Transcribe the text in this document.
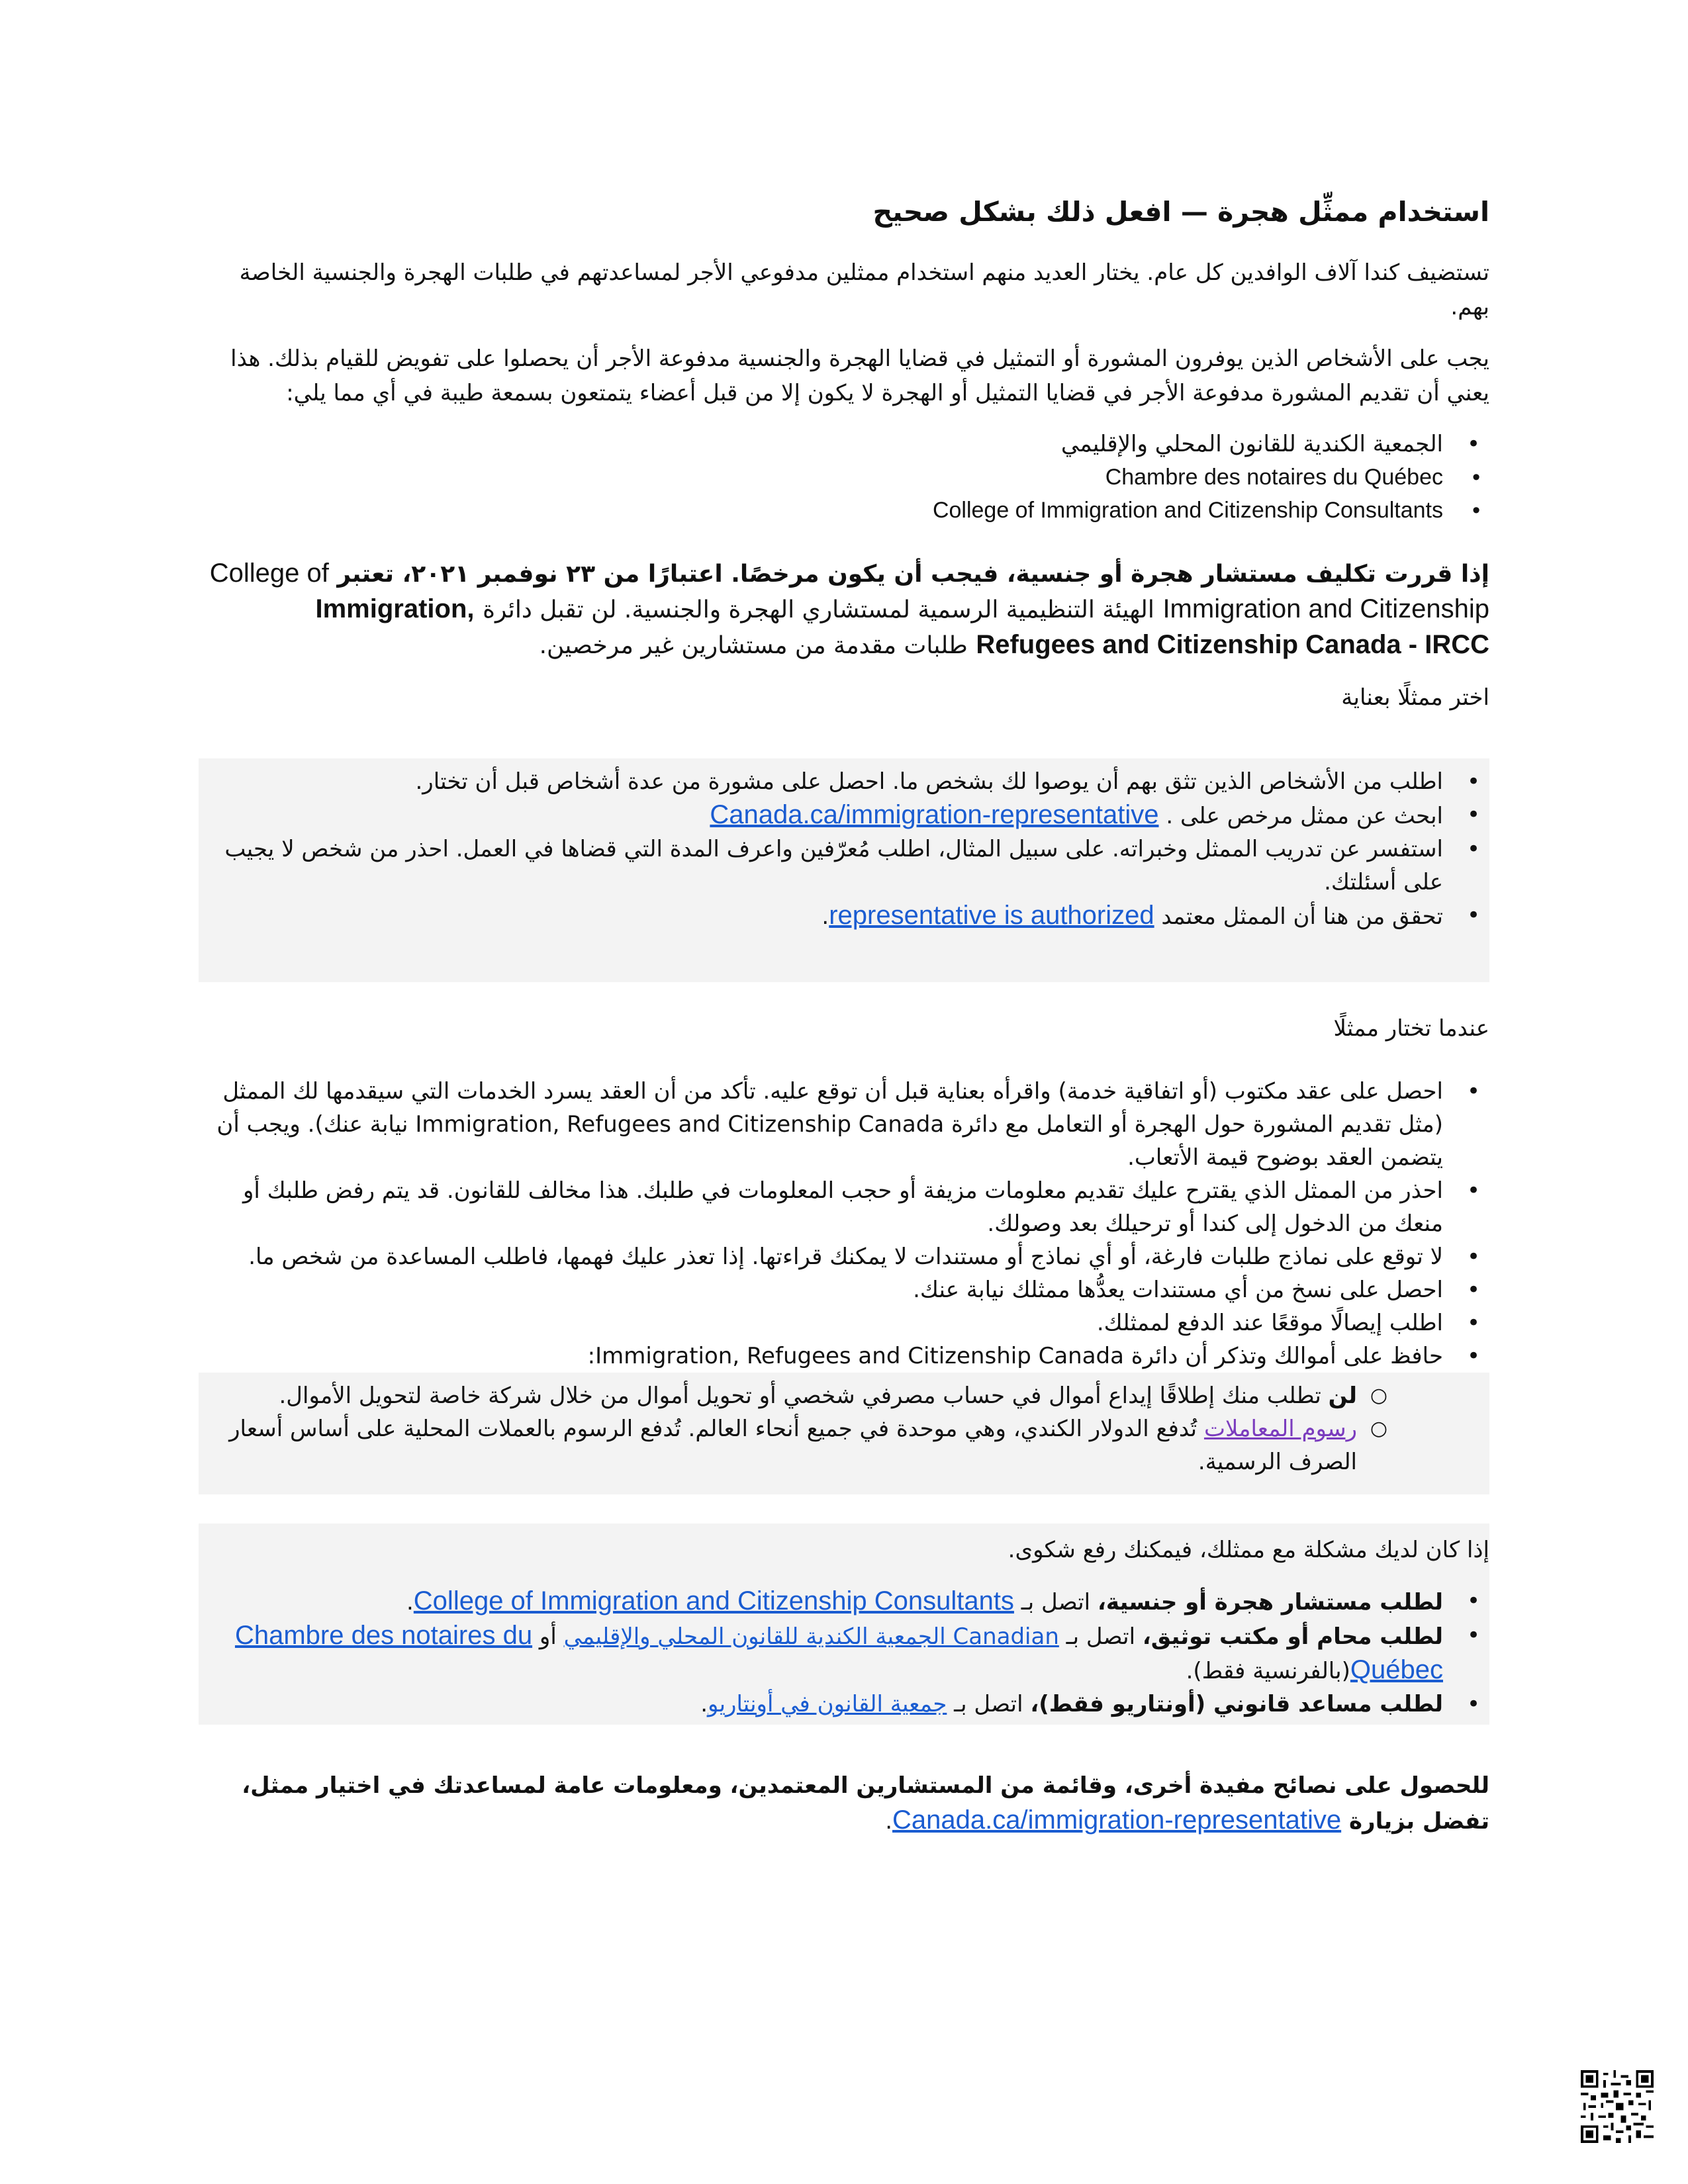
استخدام ممثِّل هجرة — افعل ذلك بشكل صحيح

تستضيف كندا آلاف الوافدين كل عام. يختار العديد منهم استخدام ممثلين مدفوعي الأجر لمساعدتهم في طلبات الهجرة والجنسية الخاصة بهم.

يجب على الأشخاص الذين يوفرون المشورة أو التمثيل في قضايا الهجرة والجنسية مدفوعة الأجر أن يحصلوا على تفويض للقيام بذلك. هذا يعني أن تقديم المشورة مدفوعة الأجر في قضايا التمثيل أو الهجرة لا يكون إلا من قبل أعضاء يتمتعون بسمعة طيبة في أي مما يلي:

• الجمعية الكندية للقانون المحلي والإقليمي
• Chambre des notaires du Québec
• College of Immigration and Citizenship Consultants

إذا قررت تكليف مستشار هجرة أو جنسية، فيجب أن يكون مرخصًا. اعتبارًا من ٢٣ نوفمبر ٢٠٢١، تعتبر College of Immigration and Citizenship الهيئة التنظيمية الرسمية لمستشاري الهجرة والجنسية. لن تقبل دائرة Immigration, Refugees and Citizenship Canada - IRCC طلبات مقدمة من مستشارين غير مرخصين.

اختر ممثلًا بعناية

• اطلب من الأشخاص الذين تثق بهم أن يوصوا لك بشخص ما. احصل على مشورة من عدة أشخاص قبل أن تختار.
• ابحث عن ممثل مرخص على . Canada.ca/immigration-representative
• استفسر عن تدريب الممثل وخبراته. على سبيل المثال، اطلب مُعرّفين واعرف المدة التي قضاها في العمل. احذر من شخص لا يجيب على أسئلتك.
• تحقق من هنا أن الممثل معتمد representative is authorized.

عندما تختار ممثلًا

• احصل على عقد مكتوب (أو اتفاقية خدمة) واقرأه بعناية قبل أن توقع عليه. تأكد من أن العقد يسرد الخدمات التي سيقدمها لك الممثل (مثل تقديم المشورة حول الهجرة أو التعامل مع دائرة Immigration, Refugees and Citizenship Canada نيابة عنك). ويجب أن يتضمن العقد بوضوح قيمة الأتعاب.
• احذر من الممثل الذي يقترح عليك تقديم معلومات مزيفة أو حجب المعلومات في طلبك. هذا مخالف للقانون. قد يتم رفض طلبك أو منعك من الدخول إلى كندا أو ترحيلك بعد وصولك.
• لا توقع على نماذج طلبات فارغة، أو أي نماذج أو مستندات لا يمكنك قراءتها. إذا تعذر عليك فهمها، فاطلب المساعدة من شخص ما.
• احصل على نسخ من أي مستندات يعدُّها ممثلك نيابة عنك.
• اطلب إيصالًا موقعًا عند الدفع لممثلك.
• حافظ على أموالك وتذكر أن دائرة Immigration, Refugees and Citizenship Canada:
○ لن تطلب منك إطلاقًا إيداع أموال في حساب مصرفي شخصي أو تحويل أموال من خلال شركة خاصة لتحويل الأموال.
○ رسوم المعاملات تُدفع الدولار الكندي، وهي موحدة في جميع أنحاء العالم. تُدفع الرسوم بالعملات المحلية على أساس أسعار الصرف الرسمية.

إذا كان لديك مشكلة مع ممثلك، فيمكنك رفع شكوى.

• لطلب مستشار هجرة أو جنسية، اتصل بـ College of Immigration and Citizenship Consultants.
• لطلب محام أو مكتب توثيق، اتصل بـ Canadian الجمعية الكندية للقانون المحلي والإقليمي أو Chambre des notaires du Québec(بالفرنسية فقط).
• لطلب مساعد قانوني (أونتاريو فقط)، اتصل بـ جمعية القانون في أونتاريو.

للحصول على نصائح مفيدة أخرى، وقائمة من المستشارين المعتمدين، ومعلومات عامة لمساعدتك في اختيار ممثل، تفضل بزيارة Canada.ca/immigration-representative.
